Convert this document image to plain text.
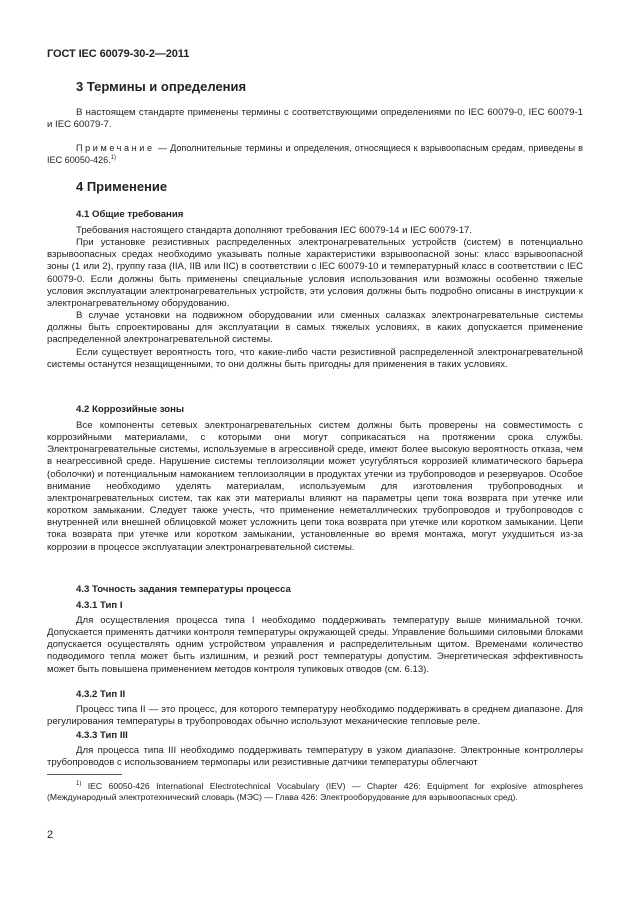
ГОСТ IEC 60079-30-2—2011
3 Термины и определения

В настоящем стандарте применены термины с соответствующими определениями по IEC 60079-0, IEC 60079-1 и IEC 60079-7.

Примечание — Дополнительные термины и определения, относящиеся к взрывоопасным средам, приведены в IEC 60050-426.$^{1)}$

4 Применение
4.1 Общие требования

Требования настоящего стандарта дополняют требования IEC 60079-14 и IEC 60079-17.

При установке резистивных распределенных электронагревательных устройств (систем) в потенциально взрывоопасных средах необходимо указывать полные характеристики взрывоопасной зоны: класс взрывоопасной зоны (1 или 2), группу газа (IIA, IIB или IIC) в соответствии с IEC 60079-10 и температурный класс в соответствии с IEC 60079-0. Если должны быть применены специальные условия использования или возможны особенно тяжелые условия эксплуатации электронагревательных устройств, эти условия должны быть подробно описаны в инструкции к электронагревательному оборудованию.

В случае установки на подвижном оборудовании или сменных салазках электронагревательные системы должны быть спроектированы для эксплуатации в самых тяжелых условиях, в каких допускается применение распределенной электронагревательной системы.

Если существует вероятность того, что какие-либо части резистивной распределенной электронагревательной системы останутся незащищенными, то они должны быть пригодны для применения в таких условиях.

4.2 Коррозийные зоны

Все компоненты сетевых электронагревательных систем должны быть проверены на совместимость с коррозийными материалами, с которыми они могут соприкасаться на протяжении срока службы. Электронагревательные системы, используемые в агрессивной среде, имеют более высокую вероятность отказа, чем в неагрессивной среде. Нарушение системы теплоизоляции может усугубляться коррозией климатического барьера (оболочки) и потенциальным намоканием теплоизоляции в продуктах утечки из трубопроводов и резервуаров. Особое внимание необходимо уделять материалам, используемым для изготовления трубопроводных и электронагревательных систем, так как эти материалы влияют на параметры цепи тока возврата при утечке или коротком замыкании. Следует также учесть, что применение неметаллических трубопроводов и трубопроводов с внутренней или внешней облицовкой может усложнить цепи тока возврата при утечке или коротком замыкании. Цепи тока возврата при утечке или коротком замыкании, установленные во время монтажа, могут ухудшиться из-за коррозии в процессе эксплуатации электронагревательной системы.

4.3 Точность задания температуры процесса
4.3.1 Тип I

Для осуществления процесса типа I необходимо поддерживать температуру выше минимальной точки. Допускается применять датчики контроля температуры окружающей среды. Управление большими силовыми блоками допускается осуществлять одним устройством управления и распределительным щитом. Временами количество подводимого тепла может быть излишним, и резкий рост температуры допустим. Энергетическая эффективность может быть повышена применением методов контроля тупиковых отводов (см. 6.13).

4.3.2 Тип II

Процесс типа II — это процесс, для которого температуру необходимо поддерживать в среднем диапазоне. Для регулирования температуры в трубопроводах обычно используют механические тепловые реле.

4.3.3 Тип III

Для процесса типа III необходимо поддерживать температуру в узком диапазоне. Электронные контроллеры трубопроводов с использованием термопары или резистивные датчики температуры облегчают

$^{1)}$ IEC 60050-426 International Electrotechnical Vocabulary (IEV) — Chapter 426: Equipment for explosive atmospheres (Международный электротехнический словарь (МЭС) — Глава 426: Электрооборудование для взрывоопасных сред).

2
